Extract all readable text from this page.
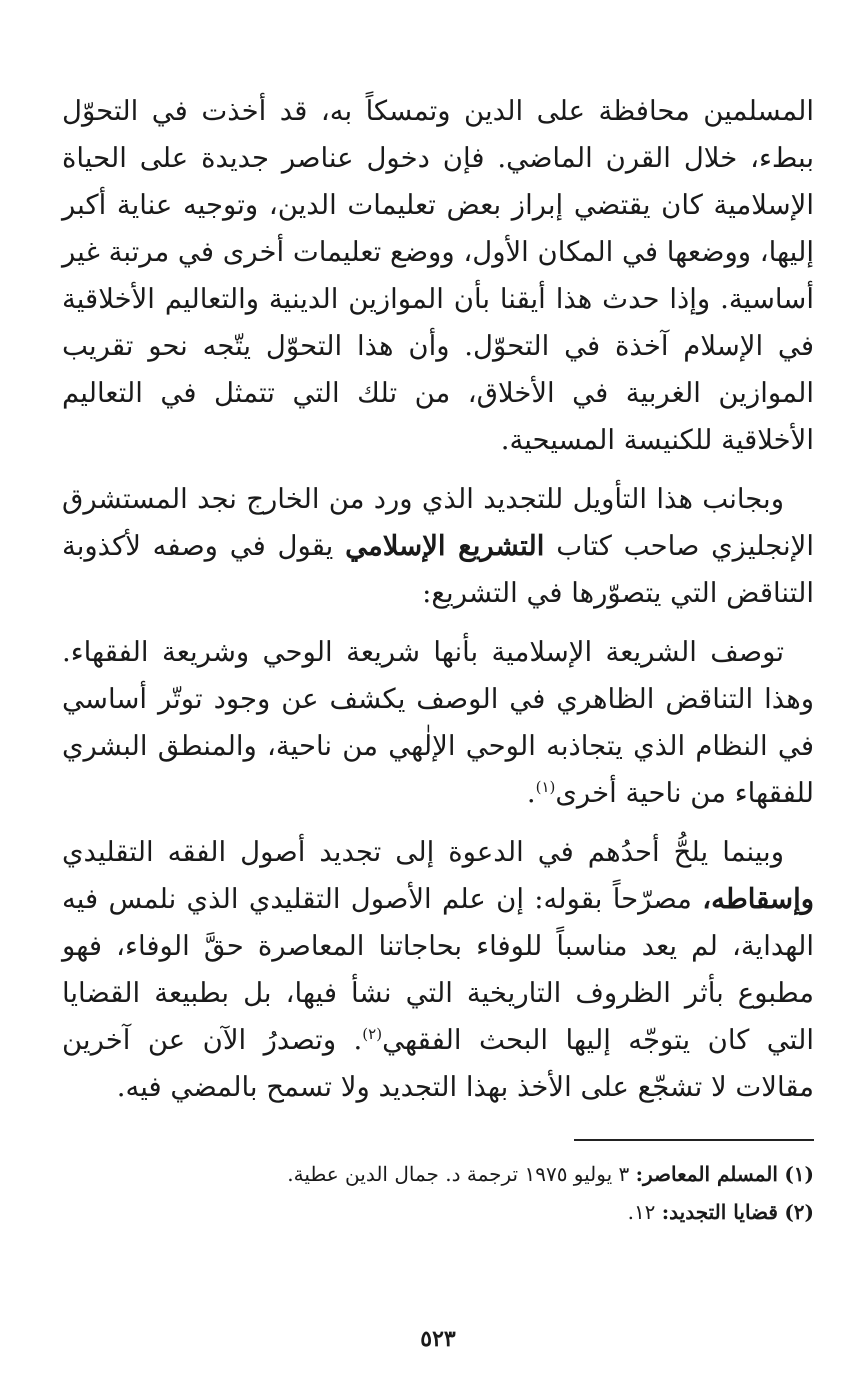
المسلمين محافظة على الدين وتمسكاً به، قد أخذت في التحوّل ببطء، خلال القرن الماضي. فإن دخول عناصر جديدة على الحياة الإسلامية كان يقتضي إبراز بعض تعليمات الدين، وتوجيه عناية أكبر إليها، ووضعها في المكان الأول، ووضع تعليمات أخرى في مرتبة غير أساسية. وإذا حدث هذا أيقنا بأن الموازين الدينية والتعاليم الأخلاقية في الإسلام آخذة في التحوّل. وأن هذا التحوّل يتّجه نحو تقريب الموازين الغربية في الأخلاق، من تلك التي تتمثل في التعاليم الأخلاقية للكنيسة المسيحية.

وبجانب هذا التأويل للتجديد الذي ورد من الخارج نجد المستشرق الإنجليزي صاحب كتاب التشريع الإسلامي يقول في وصفه لأكذوبة التناقض التي يتصوّرها في التشريع:

توصف الشريعة الإسلامية بأنها شريعة الوحي وشريعة الفقهاء. وهذا التناقض الظاهري في الوصف يكشف عن وجود توتّر أساسي في النظام الذي يتجاذبه الوحي الإلٰهي من ناحية، والمنطق البشري للفقهاء من ناحية أخرى$^{(١)}$.

وبينما يلحُّ أحدُهم في الدعوة إلى تجديد أصول الفقه التقليدي وإسقاطه، مصرّحاً بقوله: إن علم الأصول التقليدي الذي نلمس فيه الهداية، لم يعد مناسباً للوفاء بحاجاتنا المعاصرة حقَّ الوفاء، فهو مطبوع بأثر الظروف التاريخية التي نشأ فيها، بل بطبيعة القضايا التي كان يتوجّه إليها البحث الفقهي$^{(٢)}$. وتصدرُ الآن عن آخرين مقالات لا تشجّع على الأخذ بهذا التجديد ولا تسمح بالمضي فيه.

(١) المسلم المعاصر: ٣ يوليو ١٩٧٥ ترجمة د. جمال الدين عطية.

(٢) قضايا التجديد: ١٢.

٥٢٣
